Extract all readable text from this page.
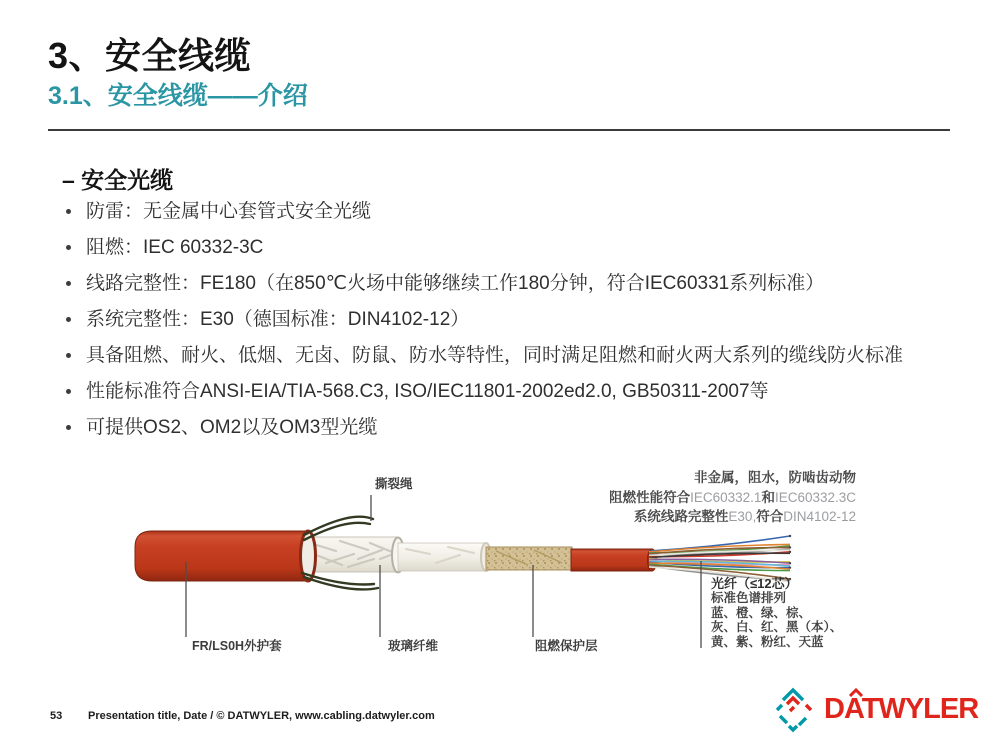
3、安全线缆
3.1、安全线缆——介绍
– 安全光缆
防雷：无金属中心套管式安全光缆
阻燃：IEC 60332-3C
线路完整性：FE180（在850℃火场中能够继续工作180分钟，符合IEC60331系列标准）
系统完整性：E30（德国标准：DIN4102-12）
具备阻燃、耐火、低烟、无卤、防鼠、防水等特性，同时满足阻燃和耐火两大系列的缆线防火标准
性能标准符合ANSI-EIA/TIA-568.C3, ISO/IEC11801-2002ed2.0, GB50311-2007等
可提供OS2、OM2以及OM3型光缆
撕裂绳
FR/LS0H外护套	玻璃纤维	阻燃保护层
非金属，阻水，防啮齿动物
阻燃性能符合IEC60332.1和IEC60332.3C
系统线路完整性E30,符合DIN4102-12
光纤（≤12芯）
标准色谱排列
蓝、橙、绿、棕、
灰、白、红、黑（本）、
黄、紫、粉红、天蓝
53 Presentation title, Date / © DATWYLER, www.cabling.datwyler.com	DATWYLER
